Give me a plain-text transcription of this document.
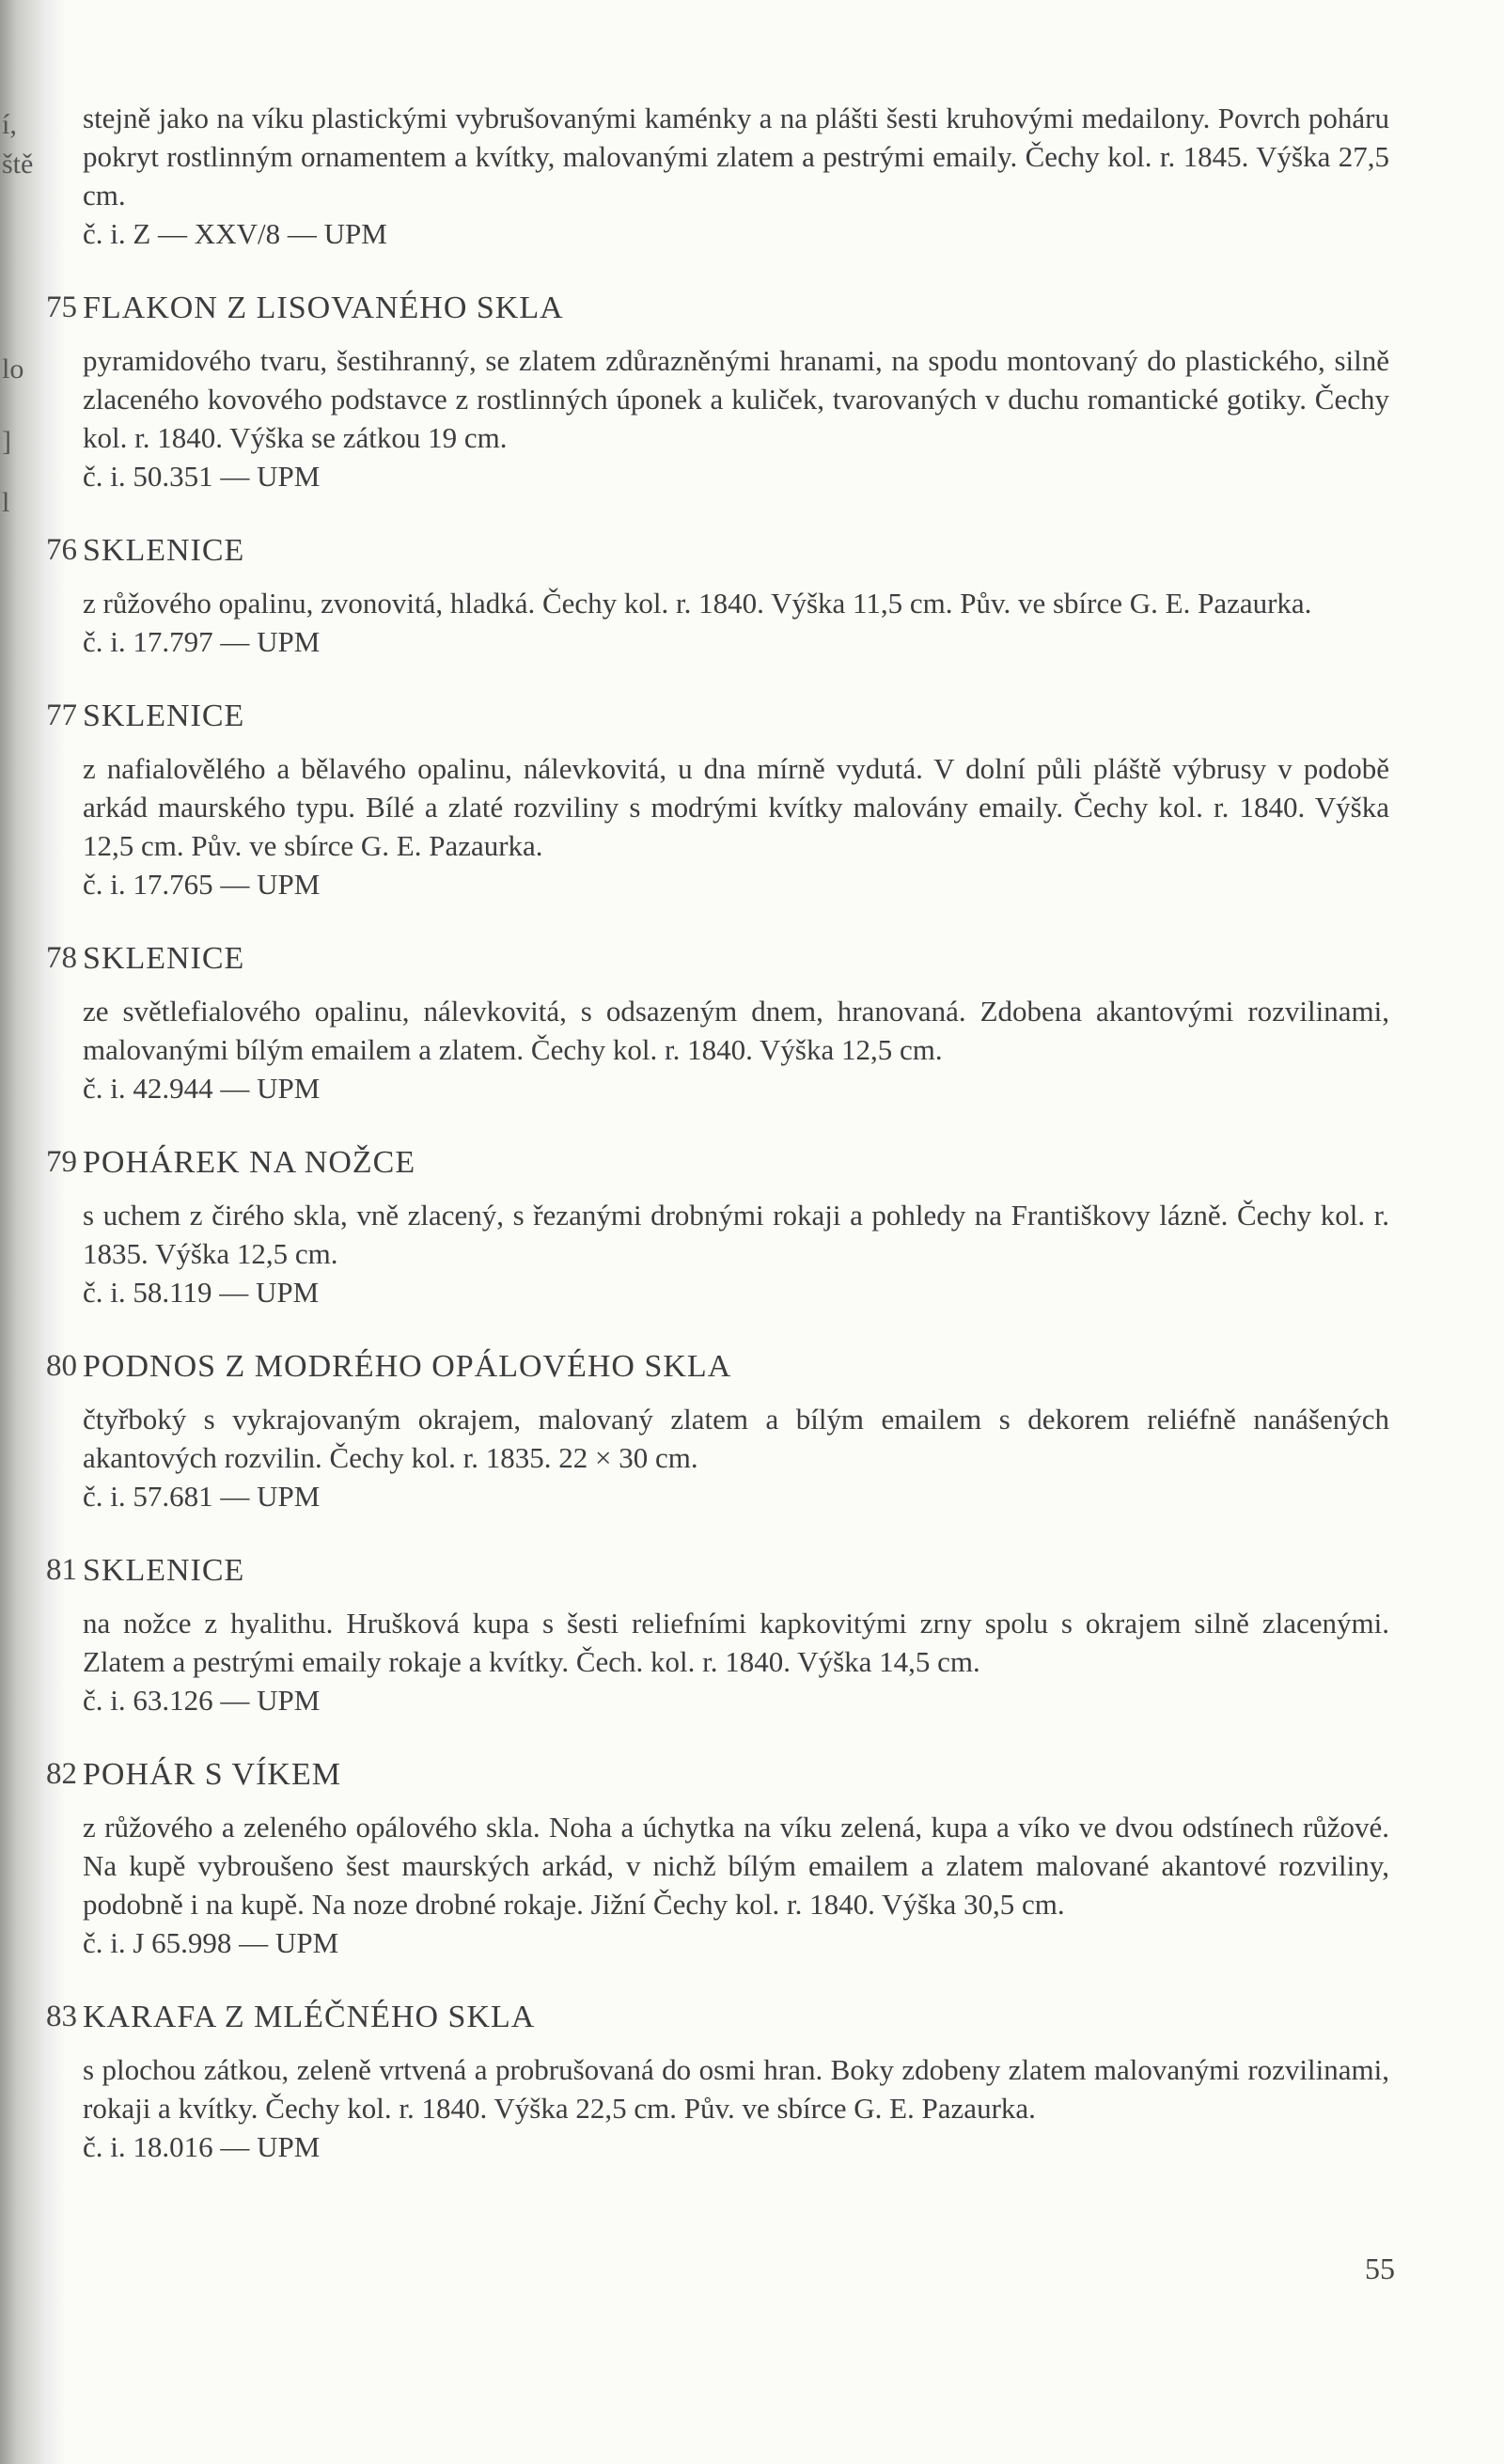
í,
ště
lo
]
l

stejně jako na víku plastickými vybrušovanými kaménky a na plášti šesti kruhovými medailony. Povrch poháru pokryt rostlinným ornamentem a kvítky, malovanými zlatem a pestrými emaily. Čechy kol. r. 1845. Výška 27,5 cm.

č. i. Z — XXV/8 — UPM

75 FLAKON Z LISOVANÉHO SKLA

pyramidového tvaru, šestihranný, se zlatem zdůrazněnými hranami, na spodu montovaný do plastického, silně zlaceného kovového podstavce z rostlinných úponek a kuliček, tvarovaných v duchu romantické gotiky. Čechy kol. r. 1840. Výška se zátkou 19 cm.

č. i. 50.351 — UPM

76 SKLENICE

z růžového opalinu, zvonovitá, hladká. Čechy kol. r. 1840. Výška 11,5 cm. Pův. ve sbírce G. E. Pazaurka.

č. i. 17.797 — UPM

77 SKLENICE

z nafialovělého a bělavého opalinu, nálevkovitá, u dna mírně vydutá. V dolní půli pláště výbrusy v podobě arkád maurského typu. Bílé a zlaté rozviliny s modrými kvítky malovány emaily. Čechy kol. r. 1840. Výška 12,5 cm. Pův. ve sbírce G. E. Pazaurka.

č. i. 17.765 — UPM

78 SKLENICE

ze světlefialového opalinu, nálevkovitá, s odsazeným dnem, hranovaná. Zdobena akantovými rozvilinami, malovanými bílým emailem a zlatem. Čechy kol. r. 1840. Výška 12,5 cm.

č. i. 42.944 — UPM

79 POHÁREK NA NOŽCE

s uchem z čirého skla, vně zlacený, s řezanými drobnými rokaji a pohledy na Františkovy lázně. Čechy kol. r. 1835. Výška 12,5 cm.

č. i. 58.119 — UPM

80 PODNOS Z MODRÉHO OPÁLOVÉHO SKLA

čtyřboký s vykrajovaným okrajem, malovaný zlatem a bílým emailem s dekorem reliéfně nanášených akantových rozvilin. Čechy kol. r. 1835. 22 × 30 cm.

č. i. 57.681 — UPM

81 SKLENICE

na nožce z hyalithu. Hrušková kupa s šesti reliefními kapkovitými zrny spolu s okrajem silně zlacenými. Zlatem a pestrými emaily rokaje a kvítky. Čech. kol. r. 1840. Výška 14,5 cm.

č. i. 63.126 — UPM

82 POHÁR S VÍKEM

z růžového a zeleného opálového skla. Noha a úchytka na víku zelená, kupa a víko ve dvou odstínech růžové. Na kupě vybroušeno šest maurských arkád, v nichž bílým emailem a zlatem malované akantové rozviliny, podobně i na kupě. Na noze drobné rokaje. Jižní Čechy kol. r. 1840. Výška 30,5 cm.

č. i. J 65.998 — UPM

83 KARAFA Z MLÉČNÉHO SKLA

s plochou zátkou, zeleně vrtvená a probrušovaná do osmi hran. Boky zdobeny zlatem malovanými rozvilinami, rokaji a kvítky. Čechy kol. r. 1840. Výška 22,5 cm. Pův. ve sbírce G. E. Pazaurka.

č. i. 18.016 — UPM

55
